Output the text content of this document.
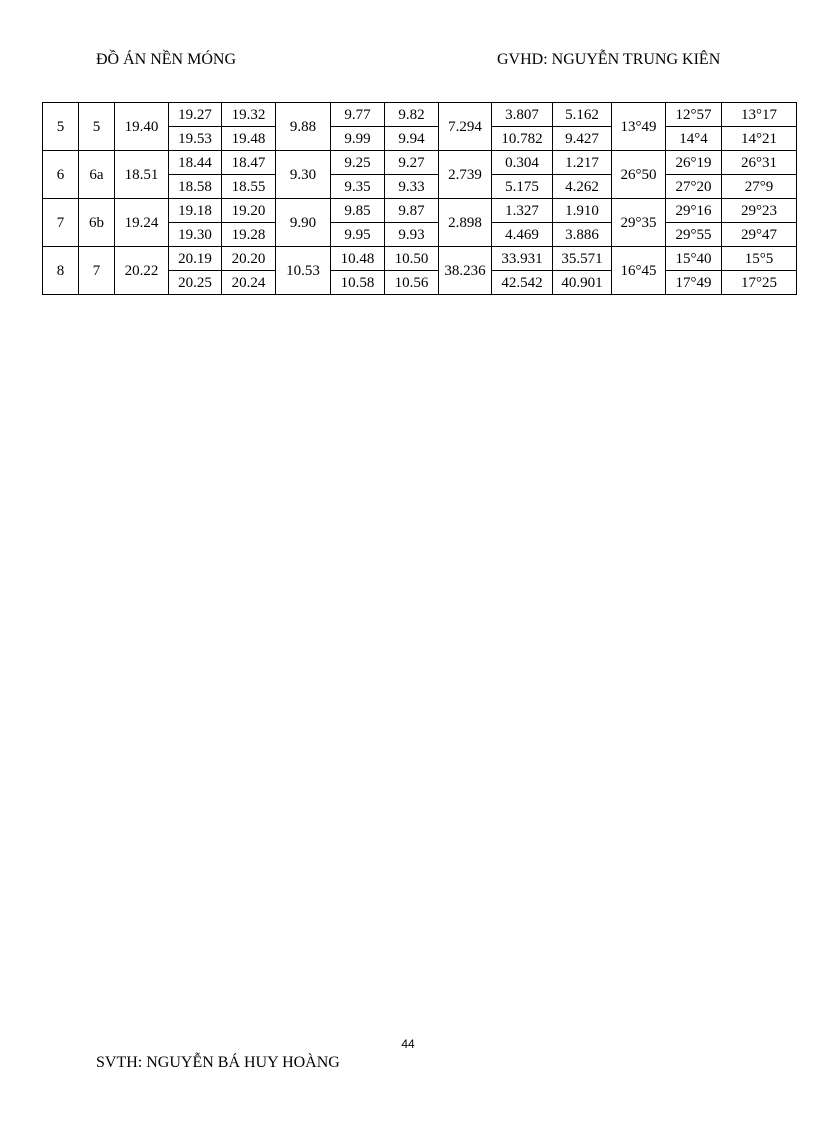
ĐỒ ÁN NỀN MÓNG	GVHD: NGUYỄN TRUNG KIÊN
5	5	19.40	19.27	19.32	9.88	9.77	9.82	7.294	3.807	5.162	13°49	12°57	13°17
			19.53	19.48		9.99	9.94		10.782	9.427		14°4	14°21
6	6a	18.51	18.44	18.47	9.30	9.25	9.27	2.739	0.304	1.217	26°50	26°19	26°31
			18.58	18.55		9.35	9.33		5.175	4.262		27°20	27°9
7	6b	19.24	19.18	19.20	9.90	9.85	9.87	2.898	1.327	1.910	29°35	29°16	29°23
			19.30	19.28		9.95	9.93		4.469	3.886		29°55	29°47
8	7	20.22	20.19	20.20	10.53	10.48	10.50	38.236	33.931	35.571	16°45	15°40	15°5
			20.25	20.24		10.58	10.56		42.542	40.901		17°49	17°25
44
SVTH: NGUYỄN BÁ HUY HOÀNG
